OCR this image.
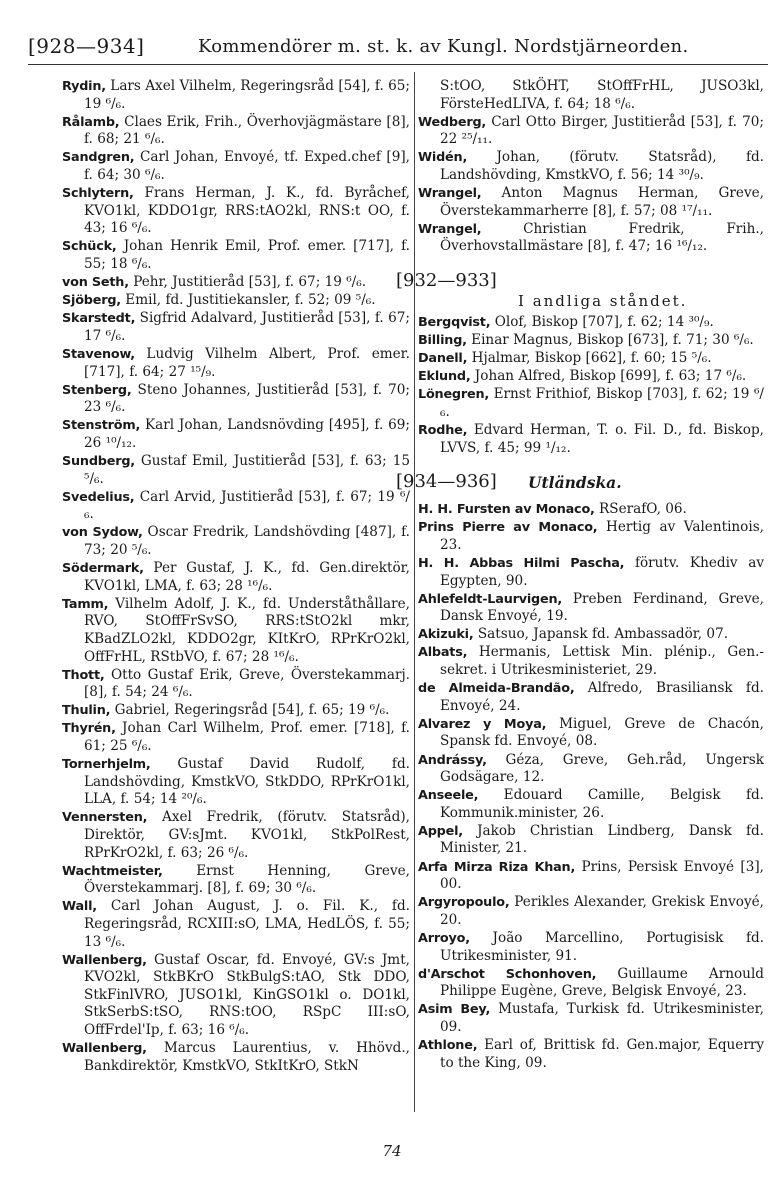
[928—934]	Kommendörer m. st. k. av Kungl. Nordstjärneorden.

Rydin, Lars Axel Vilhelm, Regeringsråd [54], f. 65; 19 ⁶/₆.

Rålamb, Claes Erik, Frih., Överhovjägmästare [8], f. 68; 21 ⁶/₆.

Sandgren, Carl Johan, Envoyé, tf. Exped.chef [9], f. 64; 30 ⁶/₆.

Schlytern, Frans Herman, J. K., fd. Byråchef, KVO1kl, KDDO1gr, RRS:tAO2kl, RNS:t OO, f. 43; 16 ⁶/₆.

Schück, Johan Henrik Emil, Prof. emer. [717], f. 55; 18 ⁶/₆.

von Seth, Pehr, Justitieråd [53], f. 67; 19 ⁶/₆.

Sjöberg, Emil, fd. Justitiekansler, f. 52; 09 ⁵/₆.

Skarstedt, Sigfrid Adalvard, Justitieråd [53], f. 67; 17 ⁶/₆.

Stavenow, Ludvig Vilhelm Albert, Prof. emer. [717], f. 64; 27 ¹⁵/₉.

Stenberg, Steno Johannes, Justitieråd [53], f. 70; 23 ⁶/₆.

Stenström, Karl Johan, Landsnövding [495], f. 69; 26 ¹⁰/₁₂.

Sundberg, Gustaf Emil, Justitieråd [53], f. 63; 15 ⁵/₆.

Svedelius, Carl Arvid, Justitieråd [53], f. 67; 19 ⁶/₆.

von Sydow, Oscar Fredrik, Landshövding [487], f. 73; 20 ⁵/₆.

Södermark, Per Gustaf, J. K., fd. Gen.direktör, KVO1kl, LMA, f. 63; 28 ¹⁶/₆.

Tamm, Vilhelm Adolf, J. K., fd. Underståthållare, RVO, StOffFrSvSO, RRS:tStO2kl mkr, KBadZLO2kl, KDDO2gr, KItKrO, RPrKrO2kl, OffFrHL, RStbVO, f. 67; 28 ¹⁶/₆.

Thott, Otto Gustaf Erik, Greve, Överstekammarj. [8], f. 54; 24 ⁶/₆.

Thulin, Gabriel, Regeringsråd [54], f. 65; 19 ⁶/₆.

Thyrén, Johan Carl Wilhelm, Prof. emer. [718], f. 61; 25 ⁶/₆.

Tornerhjelm, Gustaf David Rudolf, fd. Landshövding, KmstkVO, StkDDO, RPrKrO1kl, LLA, f. 54; 14 ²⁰/₆.

Vennersten, Axel Fredrik, (förutv. Statsråd), Direktör, GV:sJmt. KVO1kl, StkPolRest, RPrKrO2kl, f. 63; 26 ⁶/₆.

Wachtmeister, Ernst Henning, Greve, Överstekammarj. [8], f. 69; 30 ⁶/₆.

Wall, Carl Johan August, J. o. Fil. K., fd. Regeringsråd, RCXIII:sO, LMA, HedLÖS, f. 55; 13 ⁶/₆.

Wallenberg, Gustaf Oscar, fd. Envoyé, GV:s Jmt, KVO2kl, StkBKrO StkBulgS:tAO, Stk DDO, StkFinlVRO, JUSO1kl, KinGSO1kl o. DO1kl, StkSerbS:tSO, RNS:tOO, RSpC III:sO, OffFrdel'Ip, f. 63; 16 ⁶/₆.

Wallenberg, Marcus Laurentius, v. Hhövd., Bankdirektör, KmstkVO, StkItKrO, StkN

S:tOO, StkÖHT, StOffFrHL, JUSO3kl, FörsteHedLIVA, f. 64; 18 ⁶/₆.

Wedberg, Carl Otto Birger, Justitieråd [53], f. 70; 22 ²⁵/₁₁.

Widén, Johan, (förutv. Statsråd), fd. Landshövding, KmstkVO, f. 56; 14 ³⁰/₉.

Wrangel, Anton Magnus Herman, Greve, Överstekammarherre [8], f. 57; 08 ¹⁷/₁₁.

Wrangel, Christian Fredrik, Frih., Överhovstallmästare [8], f. 47; 16 ¹⁶/₁₂.

[932—933]
I andliga ståndet.

Bergqvist, Olof, Biskop [707], f. 62; 14 ³⁰/₉.

Billing, Einar Magnus, Biskop [673], f. 71; 30 ⁶/₆.

Danell, Hjalmar, Biskop [662], f. 60; 15 ⁵/₆.

Eklund, Johan Alfred, Biskop [699], f. 63; 17 ⁶/₆.

Lönegren, Ernst Frithiof, Biskop [703], f. 62; 19 ⁶/₆.

Rodhe, Edvard Herman, T. o. Fil. D., fd. Biskop, LVVS, f. 45; 99 ¹/₁₂.

[934—936] Utländska.

H. H. Fursten av Monaco, RSerafO, 06.

Prins Pierre av Monaco, Hertig av Valentinois, 23.

H. H. Abbas Hilmi Pascha, förutv. Khediv av Egypten, 90.

Ahlefeldt-Laurvigen, Preben Ferdinand, Greve, Dansk Envoyé, 19.

Akizuki, Satsuo, Japansk fd. Ambassadör, 07.

Albats, Hermanis, Lettisk Min. plénip., Gen.-sekret. i Utrikesministeriet, 29.

de Almeida-Brandão, Alfredo, Brasiliansk fd. Envoyé, 24.

Alvarez y Moya, Miguel, Greve de Chacón, Spansk fd. Envoyé, 08.

Andrássy, Géza, Greve, Geh.råd, Ungersk Godsägare, 12.

Anseele, Edouard Camille, Belgisk fd. Kommunik.minister, 26.

Appel, Jakob Christian Lindberg, Dansk fd. Minister, 21.

Arfa Mirza Riza Khan, Prins, Persisk Envoyé [3], 00.

Argyropoulo, Perikles Alexander, Grekisk Envoyé, 20.

Arroyo, João Marcellino, Portugisisk fd. Utrikesminister, 91.

d'Arschot Schonhoven, Guillaume Arnould Philippe Eugène, Greve, Belgisk Envoyé, 23.

Asim Bey, Mustafa, Turkisk fd. Utrikesminister, 09.

Athlone, Earl of, Brittisk fd. Gen.major, Equerry to the King, 09.

74
